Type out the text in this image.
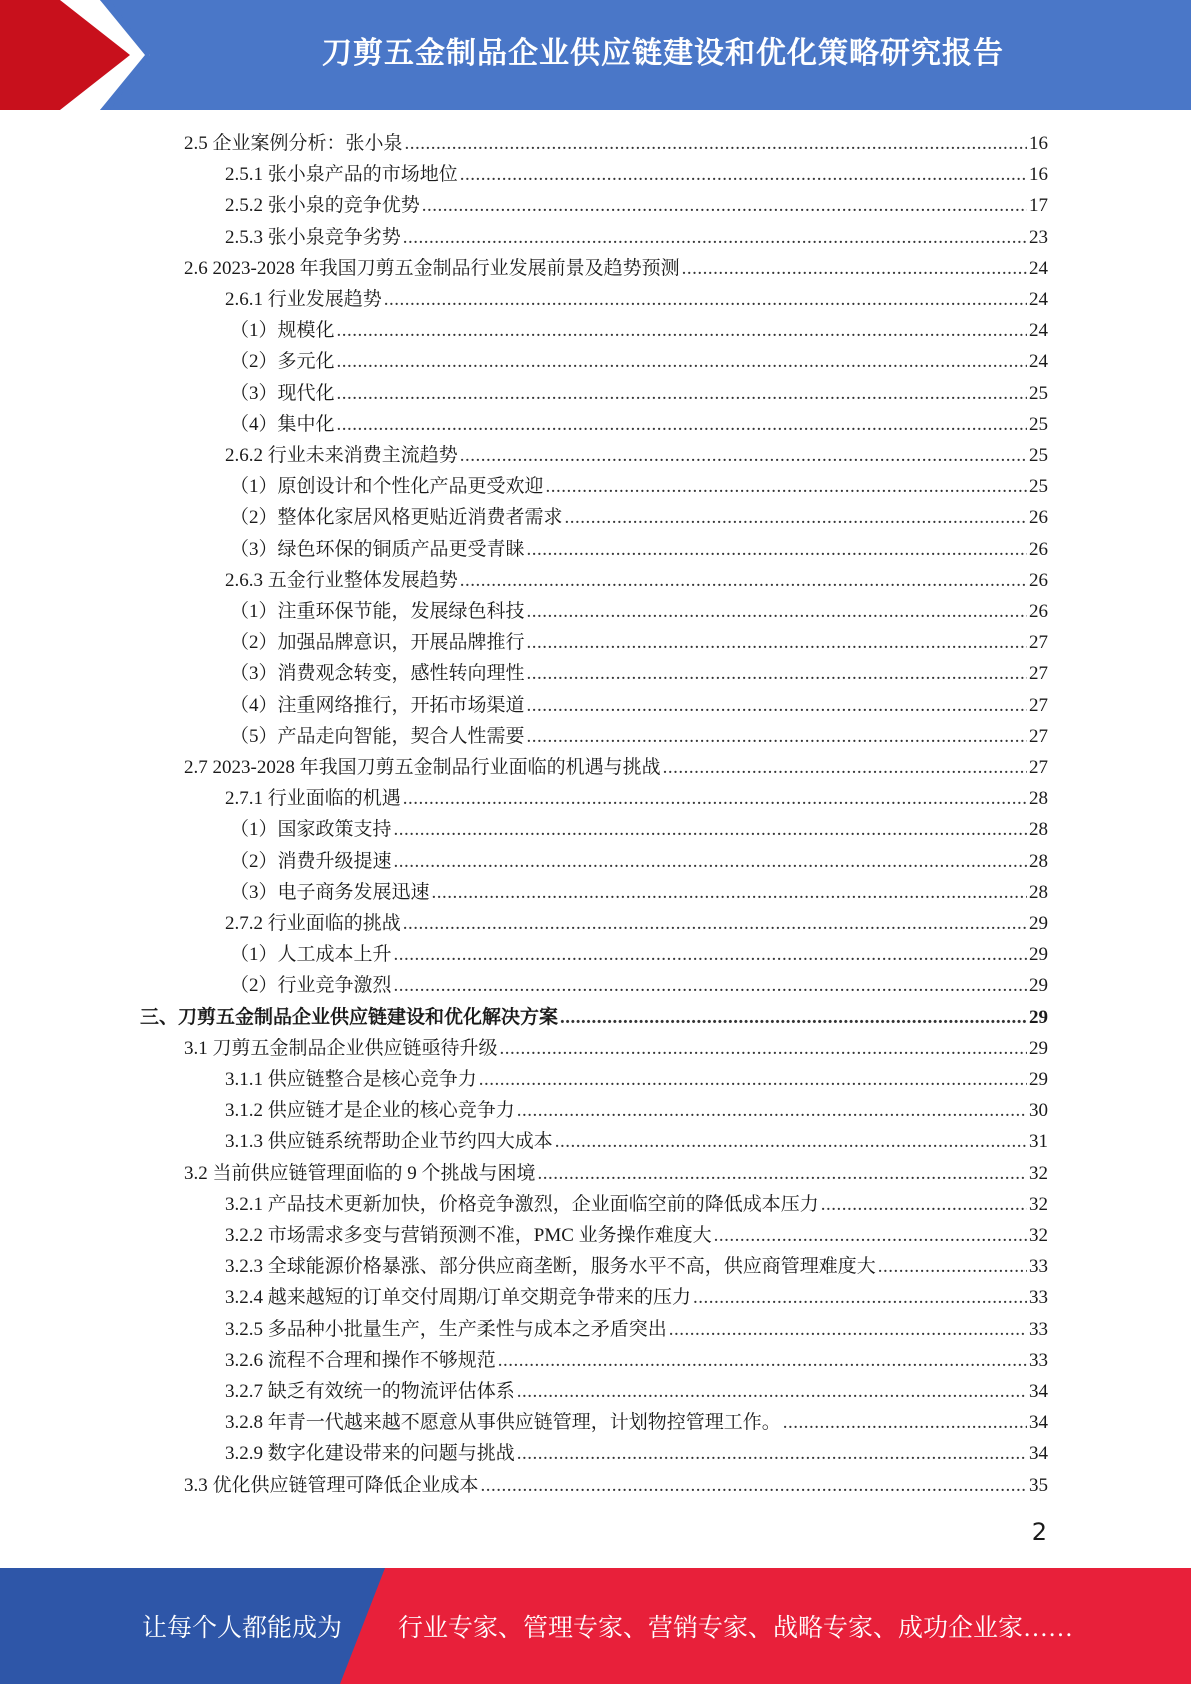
刀剪五金制品企业供应链建设和优化策略研究报告
2.5 企业案例分析：张小泉 .....	16
2.5.1 张小泉产品的市场地位 .....	16
2.5.2 张小泉的竞争优势 .....	17
2.5.3 张小泉竞争劣势 .....	23
2.6 2023-2028 年我国刀剪五金制品行业发展前景及趋势预测 .....	24
2.6.1 行业发展趋势 .....	24
（1）规模化 .....	24
（2）多元化 .....	24
（3）现代化 .....	25
（4）集中化 .....	25
2.6.2 行业未来消费主流趋势 .....	25
（1）原创设计和个性化产品更受欢迎 .....	25
（2）整体化家居风格更贴近消费者需求 .....	26
（3）绿色环保的铜质产品更受青睐 .....	26
2.6.3 五金行业整体发展趋势 .....	26
（1）注重环保节能，发展绿色科技 .....	26
（2）加强品牌意识，开展品牌推行 .....	27
（3）消费观念转变，感性转向理性 .....	27
（4）注重网络推行，开拓市场渠道 .....	27
（5）产品走向智能，契合人性需要 .....	27
2.7 2023-2028 年我国刀剪五金制品行业面临的机遇与挑战 .....	27
2.7.1 行业面临的机遇 .....	28
（1）国家政策支持 .....	28
（2）消费升级提速 .....	28
（3）电子商务发展迅速 .....	28
2.7.2 行业面临的挑战 .....	29
（1）人工成本上升 .....	29
（2）行业竞争激烈 .....	29
三、刀剪五金制品企业供应链建设和优化解决方案 .....	29
3.1 刀剪五金制品企业供应链亟待升级 .....	29
3.1.1 供应链整合是核心竞争力 .....	29
3.1.2 供应链才是企业的核心竞争力 .....	30
3.1.3 供应链系统帮助企业节约四大成本 .....	31
3.2 当前供应链管理面临的 9 个挑战与困境 .....	32
3.2.1 产品技术更新加快，价格竞争激烈，企业面临空前的降低成本压力 .....	32
3.2.2 市场需求多变与营销预测不准，PMC 业务操作难度大 .....	32
3.2.3 全球能源价格暴涨、部分供应商垄断，服务水平不高，供应商管理难度大 .....	33
3.2.4 越来越短的订单交付周期/订单交期竞争带来的压力 .....	33
3.2.5 多品种小批量生产，生产柔性与成本之矛盾突出 .....	33
3.2.6 流程不合理和操作不够规范 .....	33
3.2.7 缺乏有效统一的物流评估体系 .....	34
3.2.8 年青一代越来越不愿意从事供应链管理，计划物控管理工作。 .....	34
3.2.9 数字化建设带来的问题与挑战 .....	34
3.3 优化供应链管理可降低企业成本 .....	35
2
让每个人都能成为 行业专家、管理专家、营销专家、战略专家、成功企业家……
